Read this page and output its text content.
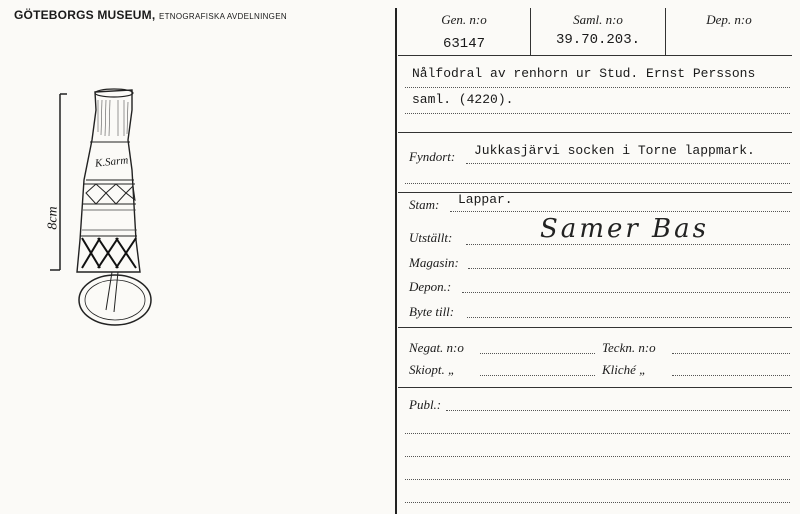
GÖTEBORGS MUSEUM, ETNOGRAFISKA AVDELNINGEN
8cm
K.Sarm
Gen. n:o
63147
Saml. n:o
39.70.203.
Dep. n:o
Nålfodral av renhorn ur Stud. Ernst Perssons
saml. (4220).
Fyndort: Jukkasjärvi socken i Torne lappmark.
Stam: Lappar.
Utställt:	Samer Bas
Magasin:
Depon.:
Byte till:
Negat. n:o	Teckn. n:o
Skiopt. „	Kliché „
Publ.:
